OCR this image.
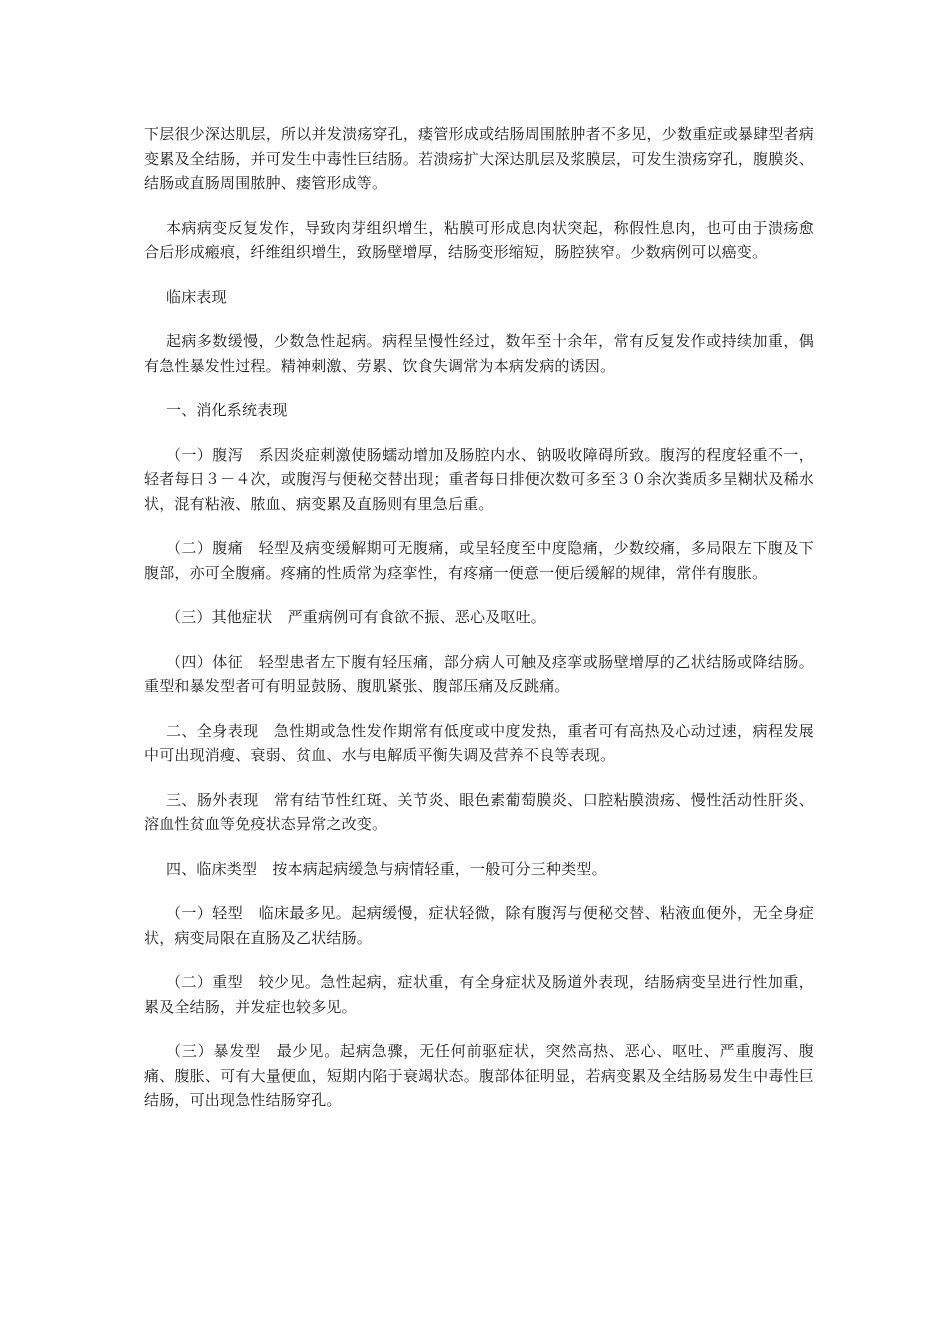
下层很少深达肌层，所以并发溃疡穿孔，瘘管形成或结肠周围脓肿者不多见，少数重症或暴肆型者病变累及全结肠，并可发生中毒性巨结肠。若溃疡扩大深达肌层及浆膜层，可发生溃疡穿孔，腹膜炎、结肠或直肠周围脓肿、瘘管形成等。

本病病变反复发作，导致肉芽组织增生，粘膜可形成息肉状突起，称假性息肉，也可由于溃疡愈合后形成瘢痕，纤维组织增生，致肠壁增厚，结肠变形缩短，肠腔狭窄。少数病例可以癌变。

临床表现

起病多数缓慢，少数急性起病。病程呈慢性经过，数年至十余年，常有反复发作或持续加重，偶有急性暴发性过程。精神刺激、劳累、饮食失调常为本病发病的诱因。

一、消化系统表现

（一）腹泻　系因炎症刺激使肠蠕动增加及肠腔内水、钠吸收障碍所致。腹泻的程度轻重不一，轻者每日３－４次，或腹泻与便秘交替出现；重者每日排便次数可多至３０余次粪质多呈糊状及稀水状，混有粘液、脓血、病变累及直肠则有里急后重。

（二）腹痛　轻型及病变缓解期可无腹痛，或呈轻度至中度隐痛，少数绞痛，多局限左下腹及下腹部，亦可全腹痛。疼痛的性质常为痉挛性，有疼痛一便意一便后缓解的规律，常伴有腹胀。

（三）其他症状　严重病例可有食欲不振、恶心及呕吐。

（四）体征　轻型患者左下腹有轻压痛，部分病人可触及痉挛或肠壁增厚的乙状结肠或降结肠。重型和暴发型者可有明显鼓肠、腹肌紧张、腹部压痛及反跳痛。

二、全身表现　急性期或急性发作期常有低度或中度发热，重者可有高热及心动过速，病程发展中可出现消瘦、衰弱、贫血、水与电解质平衡失调及营养不良等表现。

三、肠外表现　常有结节性红斑、关节炎、眼色素葡萄膜炎、口腔粘膜溃疡、慢性活动性肝炎、溶血性贫血等免疫状态异常之改变。

四、临床类型　按本病起病缓急与病情轻重，一般可分三种类型。

（一）轻型　临床最多见。起病缓慢，症状轻微，除有腹泻与便秘交替、粘液血便外，无全身症状，病变局限在直肠及乙状结肠。

（二）重型　较少见。急性起病，症状重，有全身症状及肠道外表现，结肠病变呈进行性加重，累及全结肠，并发症也较多见。

（三）暴发型　最少见。起病急骤，无任何前驱症状，突然高热、恶心、呕吐、严重腹泻、腹痛、腹胀、可有大量便血，短期内陷于衰竭状态。腹部体征明显，若病变累及全结肠易发生中毒性巨结肠，可出现急性结肠穿孔。
